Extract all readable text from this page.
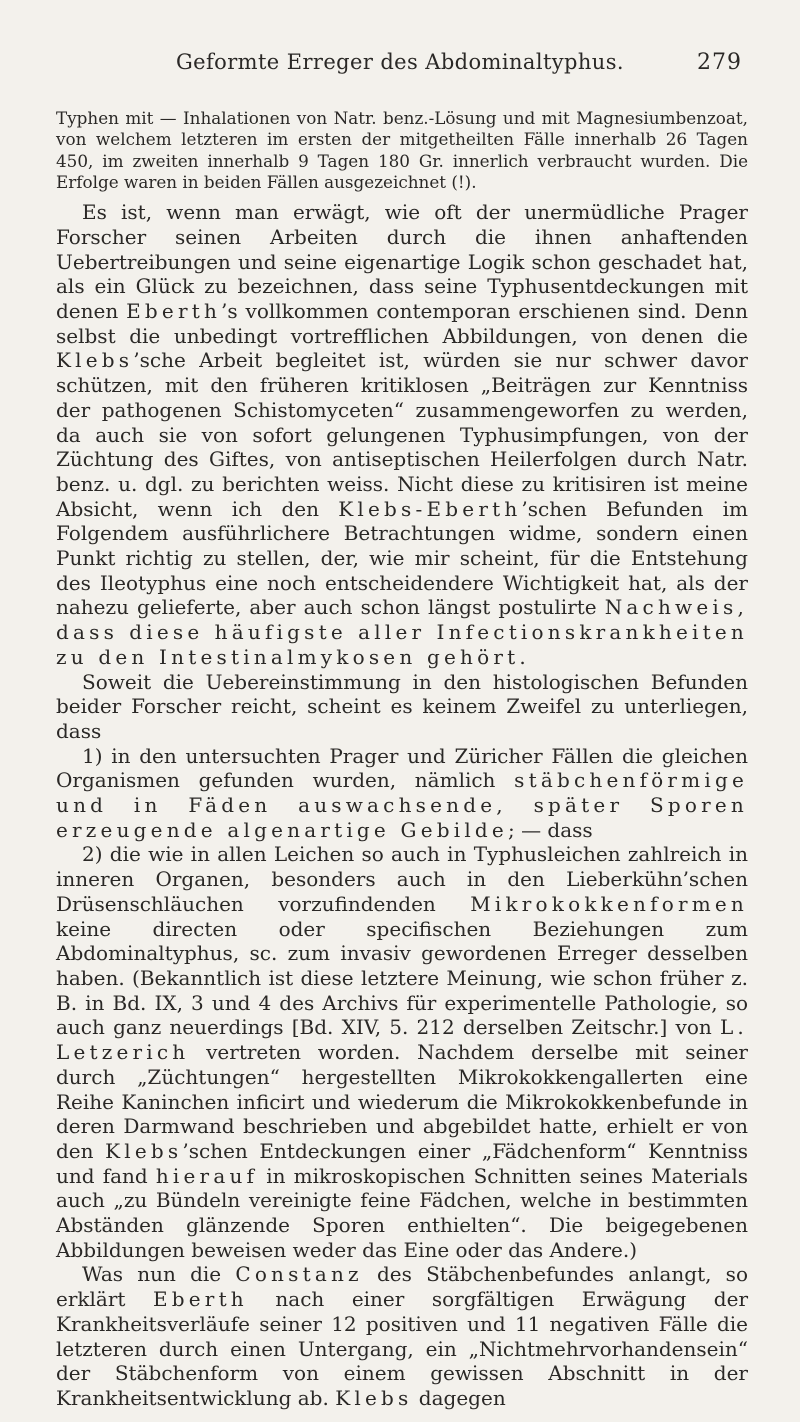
Geformte Erreger des Abdominaltyphus.	279

Typhen mit — Inhalationen von Natr. benz.-Lösung und mit Magnesiumbenzoat, von welchem letzteren im ersten der mitgetheilten Fälle innerhalb 26 Tagen 450, im zweiten innerhalb 9 Tagen 180 Gr. innerlich verbraucht wurden. Die Erfolge waren in beiden Fällen ausgezeichnet (!).

Es ist, wenn man erwägt, wie oft der unermüdliche Prager Forscher seinen Arbeiten durch die ihnen anhaftenden Uebertreibungen und seine eigenartige Logik schon geschadet hat, als ein Glück zu bezeichnen, dass seine Typhusentdeckungen mit denen Eberth’s vollkommen contemporan erschienen sind. Denn selbst die unbedingt vortrefflichen Abbildungen, von denen die Klebs’sche Arbeit begleitet ist, würden sie nur schwer davor schützen, mit den früheren kritiklosen „Beiträgen zur Kenntniss der pathogenen Schistomyceten“ zusammengeworfen zu werden, da auch sie von sofort gelungenen Typhusimpfungen, von der Züchtung des Giftes, von antiseptischen Heilerfolgen durch Natr. benz. u. dgl. zu berichten weiss. Nicht diese zu kritisiren ist meine Absicht, wenn ich den Klebs-Eberth’schen Befunden im Folgendem ausführlichere Betrachtungen widme, sondern einen Punkt richtig zu stellen, der, wie mir scheint, für die Entstehung des Ileotyphus eine noch entscheidendere Wichtigkeit hat, als der nahezu gelieferte, aber auch schon längst postulirte Nachweis, dass diese häufigste aller Infectionskrankheiten zu den Intestinalmykosen gehört.

Soweit die Uebereinstimmung in den histologischen Befunden beider Forscher reicht, scheint es keinem Zweifel zu unterliegen, dass

1) in den untersuchten Prager und Züricher Fällen die gleichen Organismen gefunden wurden, nämlich stäbchenförmige und in Fäden auswachsende, später Sporen erzeugende algenartige Gebilde; — dass

2) die wie in allen Leichen so auch in Typhusleichen zahlreich in inneren Organen, besonders auch in den Lieberkühn’schen Drüsenschläuchen vorzufindenden Mikrokokkenformen keine directen oder specifischen Beziehungen zum Abdominaltyphus, sc. zum invasiv gewordenen Erreger desselben haben. (Bekanntlich ist diese letztere Meinung, wie schon früher z. B. in Bd. IX, 3 und 4 des Archivs für experimentelle Pathologie, so auch ganz neuerdings [Bd. XIV, 5. 212 derselben Zeitschr.] von L. Letzerich vertreten worden. Nachdem derselbe mit seiner durch „Züchtungen“ hergestellten Mikrokokkengallerten eine Reihe Kaninchen inficirt und wiederum die Mikrokokkenbefunde in deren Darmwand beschrieben und abgebildet hatte, erhielt er von den Klebs’schen Entdeckungen einer „Fädchenform“ Kenntniss und fand hierauf in mikroskopischen Schnitten seines Materials auch „zu Bündeln vereinigte feine Fädchen, welche in bestimmten Abständen glänzende Sporen enthielten“. Die beigegebenen Abbildungen beweisen weder das Eine oder das Andere.)

Was nun die Constanz des Stäbchenbefundes anlangt, so erklärt Eberth nach einer sorgfältigen Erwägung der Krankheitsverläufe seiner 12 positiven und 11 negativen Fälle die letzteren durch einen Untergang, ein „Nichtmehrvorhandensein“ der Stäbchenform von einem gewissen Abschnitt in der Krankheitsentwicklung ab. Klebs dagegen
